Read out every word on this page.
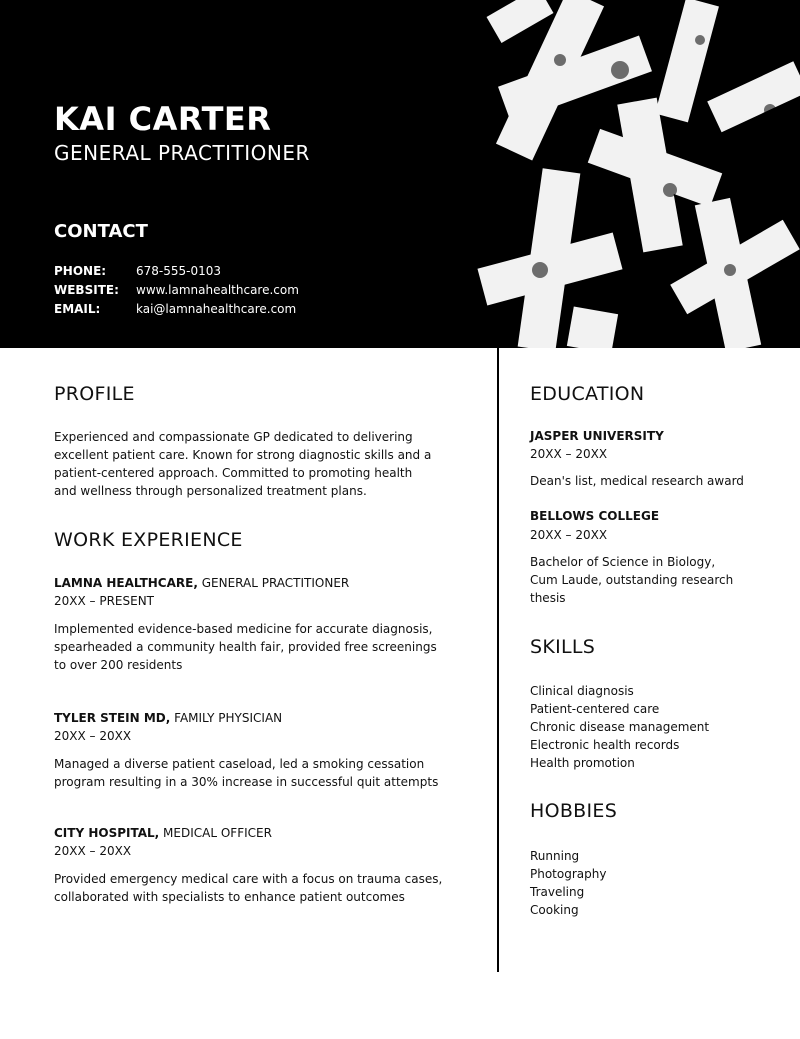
KAI CARTER
GENERAL PRACTITIONER
CONTACT
PHONE: 678-555-0103
WEBSITE: www.lamnahealthcare.com
EMAIL:	kai@lamnahealthcare.com
PROFILE

Experienced and compassionate GP dedicated to delivering excellent patient care. Known for strong diagnostic skills and a patient-centered approach. Committed to promoting health and wellness through personalized treatment plans.

WORK EXPERIENCE
LAMNA HEALTHCARE, GENERAL PRACTITIONER
20XX – PRESENT

Implemented evidence-based medicine for accurate diagnosis, spearheaded a community health fair, provided free screenings to over 200 residents

TYLER STEIN MD, FAMILY PHYSICIAN
20XX – 20XX

Managed a diverse patient caseload, led a smoking cessation program resulting in a 30% increase in successful quit attempts

CITY HOSPITAL, MEDICAL OFFICER
20XX – 20XX

Provided emergency medical care with a focus on trauma cases, collaborated with specialists to enhance patient outcomes

EDUCATION
JASPER UNIVERSITY
20XX – 20XX

Dean's list, medical research award

BELLOWS COLLEGE
20XX – 20XX

Bachelor of Science in Biology, Cum Laude, outstanding research thesis

SKILLS
Clinical diagnosis
Patient-centered care
Chronic disease management
Electronic health records
Health promotion
HOBBIES
Running
Photography
Traveling
Cooking
